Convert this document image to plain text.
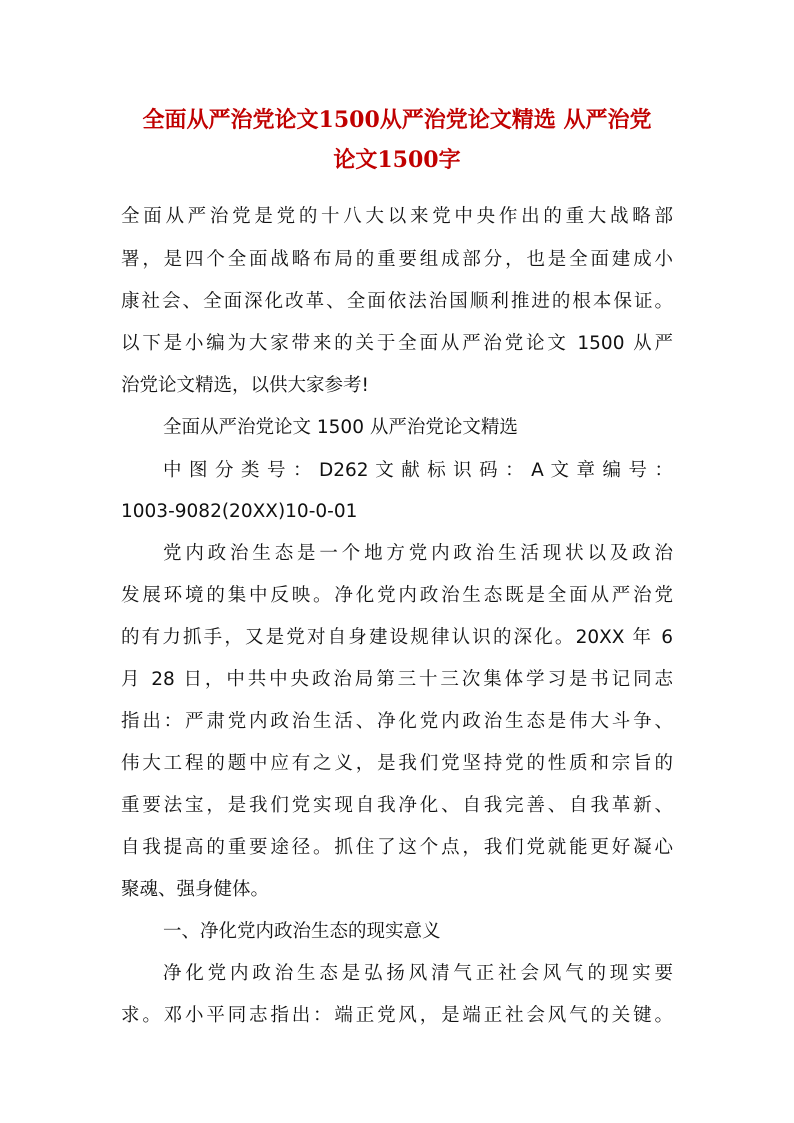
全面从严治党论文1500从严治党论文精选 从严治党
论文1500字
全面从严治党是党的十八大以来党中央作出的重大战略部
署，是四个全面战略布局的重要组成部分，也是全面建成小
康社会、全面深化改革、全面依法治国顺利推进的根本保证。
以下是小编为大家带来的关于全面从严治党论文 1500 从严
治党论文精选，以供大家参考!
全面从严治党论文 1500 从严治党论文精选
中 图 分 类 号 ： D262 文 献 标 识 码 ： A 文 章 编 号 ：
1003-9082(20XX)10-0-01
党内政治生态是一个地方党内政治生活现状以及政治
发展环境的集中反映。净化党内政治生态既是全面从严治党
的有力抓手，又是党对自身建设规律认识的深化。20XX 年 6
月 28 日，中共中央政治局第三十三次集体学习是书记同志
指出：严肃党内政治生活、净化党内政治生态是伟大斗争、
伟大工程的题中应有之义，是我们党坚持党的性质和宗旨的
重要法宝，是我们党实现自我净化、自我完善、自我革新、
自我提高的重要途径。抓住了这个点，我们党就能更好凝心
聚魂、强身健体。
一、净化党内政治生态的现实意义
净化党内政治生态是弘扬风清气正社会风气的现实要
求。邓小平同志指出：端正党风，是端正社会风气的关键。
